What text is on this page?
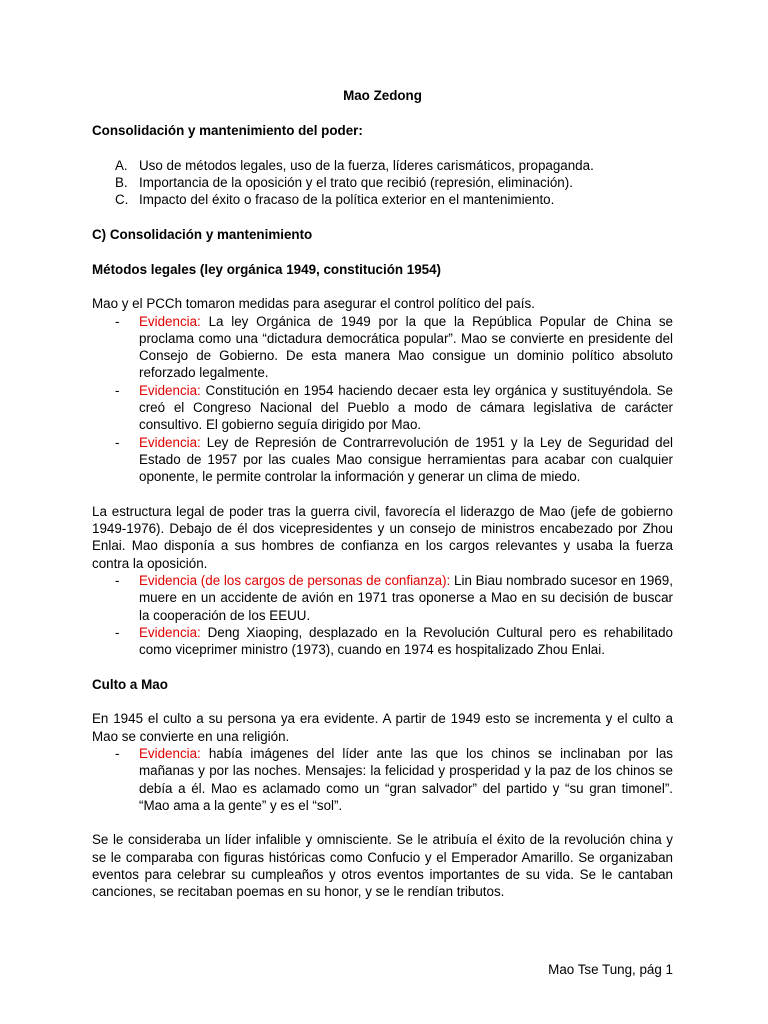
Mao Zedong
Consolidación y mantenimiento del poder:
A. Uso de métodos legales, uso de la fuerza, líderes carismáticos, propaganda.
B. Importancia de la oposición y el trato que recibió (represión, eliminación).
C. Impacto del éxito o fracaso de la política exterior en el mantenimiento.
C) Consolidación y mantenimiento
Métodos legales (ley orgánica 1949, constitución 1954)

Mao y el PCCh tomaron medidas para asegurar el control político del país.

- Evidencia: La ley Orgánica de 1949 por la que la República Popular de China se proclama como una “dictadura democrática popular”. Mao se convierte en presidente del Consejo de Gobierno. De esta manera Mao consigue un dominio político absoluto reforzado legalmente.
- Evidencia: Constitución en 1954 haciendo decaer esta ley orgánica y sustituyéndola. Se creó el Congreso Nacional del Pueblo a modo de cámara legislativa de carácter consultivo. El gobierno seguía dirigido por Mao.
- Evidencia: Ley de Represión de Contrarrevolución de 1951 y la Ley de Seguridad del Estado de 1957 por las cuales Mao consigue herramientas para acabar con cualquier oponente, le permite controlar la información y generar un clima de miedo.

La estructura legal de poder tras la guerra civil, favorecía el liderazgo de Mao (jefe de gobierno 1949-1976). Debajo de él dos vicepresidentes y un consejo de ministros encabezado por Zhou Enlai. Mao disponía a sus hombres de confianza en los cargos relevantes y usaba la fuerza contra la oposición.

- Evidencia (de los cargos de personas de confianza): Lin Biau nombrado sucesor en 1969, muere en un accidente de avión en 1971 tras oponerse a Mao en su decisión de buscar la cooperación de los EEUU.
- Evidencia: Deng Xiaoping, desplazado en la Revolución Cultural pero es rehabilitado como viceprimer ministro (1973), cuando en 1974 es hospitalizado Zhou Enlai.
Culto a Mao

En 1945 el culto a su persona ya era evidente. A partir de 1949 esto se incrementa y el culto a Mao se convierte en una religión.

- Evidencia: había imágenes del líder ante las que los chinos se inclinaban por las mañanas y por las noches. Mensajes: la felicidad y prosperidad y la paz de los chinos se debía a él. Mao es aclamado como un “gran salvador” del partido y “su gran timonel”. “Mao ama a la gente” y es el “sol”.

Se le consideraba un líder infalible y omnisciente. Se le atribuía el éxito de la revolución china y se le comparaba con figuras históricas como Confucio y el Emperador Amarillo. Se organizaban eventos para celebrar su cumpleaños y otros eventos importantes de su vida. Se le cantaban canciones, se recitaban poemas en su honor, y se le rendían tributos.

Mao Tse Tung, pág 1
